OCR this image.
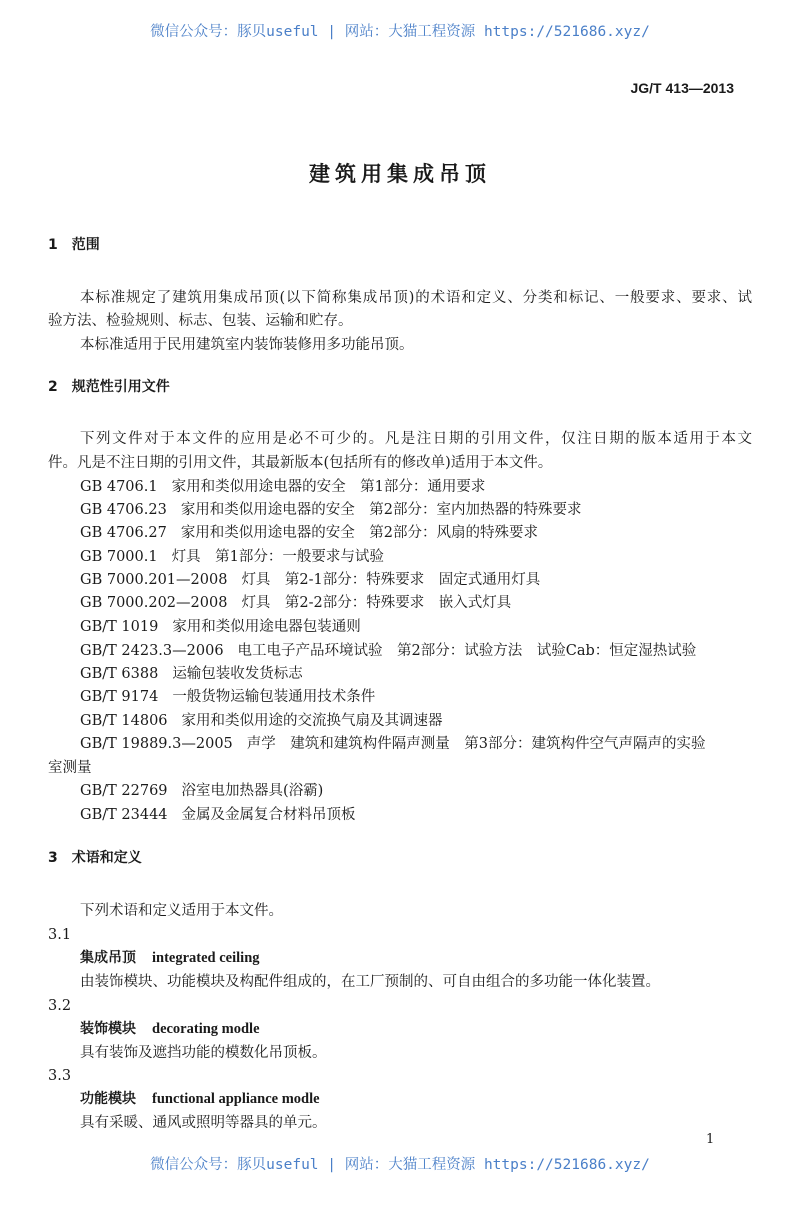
微信公众号：豚贝useful | 网站：大猫工程资源 https://521686.xyz/
JG/T 413—2013
建筑用集成吊顶
1　范围
本标准规定了建筑用集成吊顶(以下简称集成吊顶)的术语和定义、分类和标记、一般要求、要求、试
验方法、检验规则、标志、包装、运输和贮存。
本标准适用于民用建筑室内装饰装修用多功能吊顶。
2　规范性引用文件
下列文件对于本文件的应用是必不可少的。凡是注日期的引用文件，仅注日期的版本适用于本文
件。凡是不注日期的引用文件，其最新版本(包括所有的修改单)适用于本文件。
GB 4706.1 家用和类似用途电器的安全　第1部分：通用要求
GB 4706.23 家用和类似用途电器的安全　第2部分：室内加热器的特殊要求
GB 4706.27 家用和类似用途电器的安全　第2部分：风扇的特殊要求
GB 7000.1 灯具　第1部分：一般要求与试验
GB 7000.201—2008 灯具　第2-1部分：特殊要求　固定式通用灯具
GB 7000.202—2008 灯具　第2-2部分：特殊要求　嵌入式灯具
GB/T 1019 家用和类似用途电器包装通则
GB/T 2423.3—2006 电工电子产品环境试验　第2部分：试验方法　试验Cab：恒定湿热试验
GB/T 6388 运输包装收发货标志
GB/T 9174 一般货物运输包装通用技术条件
GB/T 14806 家用和类似用途的交流换气扇及其调速器
GB/T 19889.3—2005 声学　建筑和建筑构件隔声测量　第3部分：建筑构件空气声隔声的实验
GB/T 22769 浴室电加热器具(浴霸)
GB/T 23444 金属及金属复合材料吊顶板
室测量
3　术语和定义
下列术语和定义适用于本文件。
3.1
集成吊顶 integrated ceiling
由装饰模块、功能模块及构配件组成的，在工厂预制的、可自由组合的多功能一体化装置。
3.2
装饰模块 decorating modle
具有装饰及遮挡功能的模数化吊顶板。
3.3
功能模块 functional appliance modle
具有采暖、通风或照明等器具的单元。
1
微信公众号：豚贝useful | 网站：大猫工程资源 https://521686.xyz/
